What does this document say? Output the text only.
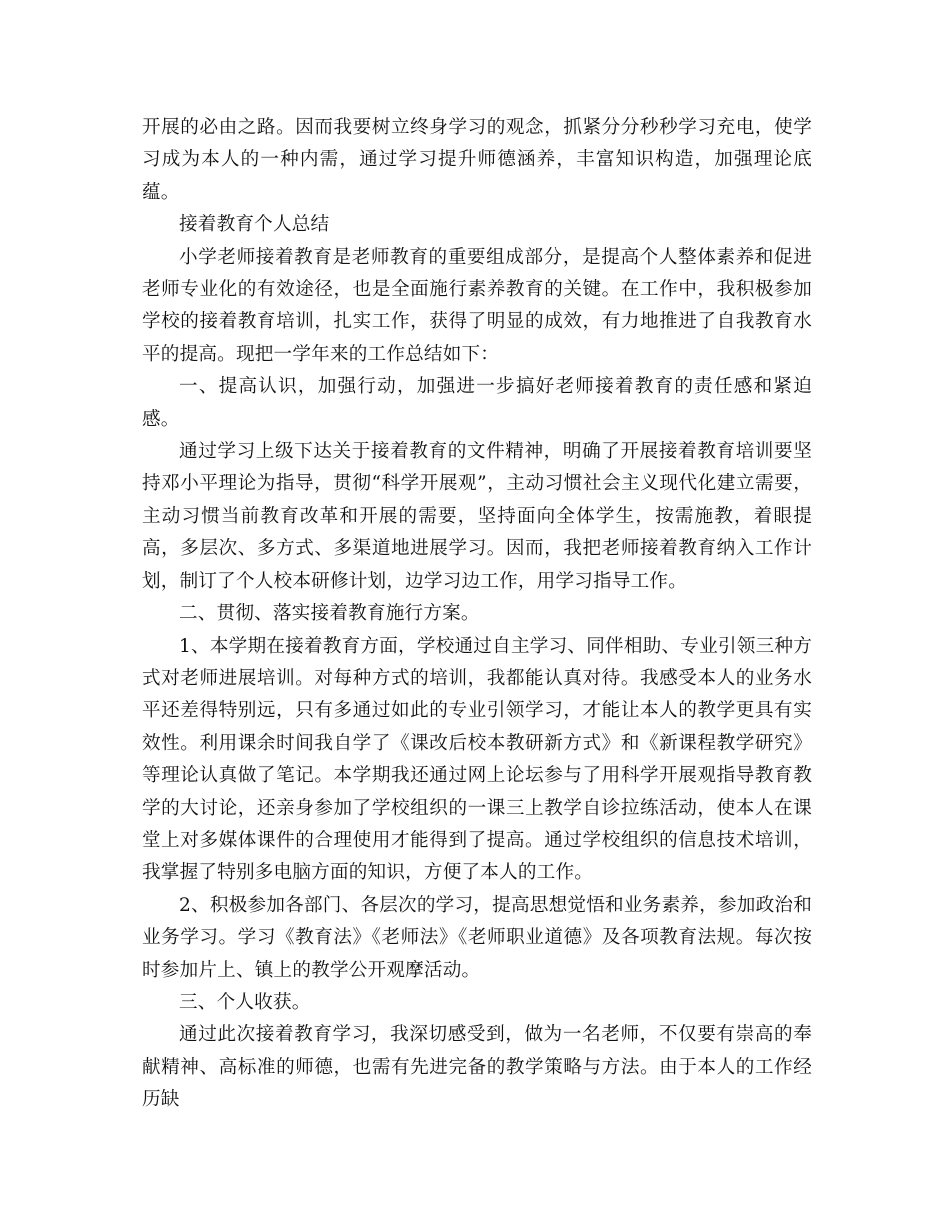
开展的必由之路。因而我要树立终身学习的观念，抓紧分分秒秒学习充电，使学习成为本人的一种内需，通过学习提升师德涵养，丰富知识构造，加强理论底蕴。

接着教育个人总结

小学老师接着教育是老师教育的重要组成部分，是提高个人整体素养和促进老师专业化的有效途径，也是全面施行素养教育的关键。在工作中，我积极参加学校的接着教育培训，扎实工作，获得了明显的成效，有力地推进了自我教育水平的提高。现把一学年来的工作总结如下：

一、提高认识，加强行动，加强进一步搞好老师接着教育的责任感和紧迫感。

通过学习上级下达关于接着教育的文件精神，明确了开展接着教育培训要坚持邓小平理论为指导，贯彻“科学开展观”，主动习惯社会主义现代化建立需要，主动习惯当前教育改革和开展的需要，坚持面向全体学生，按需施教，着眼提高，多层次、多方式、多渠道地进展学习。因而，我把老师接着教育纳入工作计划，制订了个人校本研修计划，边学习边工作，用学习指导工作。

二、贯彻、落实接着教育施行方案。

1、本学期在接着教育方面，学校通过自主学习、同伴相助、专业引领三种方式对老师进展培训。对每种方式的培训，我都能认真对待。我感受本人的业务水平还差得特别远，只有多通过如此的专业引领学习，才能让本人的教学更具有实效性。利用课余时间我自学了《课改后校本教研新方式》和《新课程教学研究》等理论认真做了笔记。本学期我还通过网上论坛参与了用科学开展观指导教育教学的大讨论，还亲身参加了学校组织的一课三上教学自诊拉练活动，使本人在课堂上对多媒体课件的合理使用才能得到了提高。通过学校组织的信息技术培训，我掌握了特别多电脑方面的知识，方便了本人的工作。

2、积极参加各部门、各层次的学习，提高思想觉悟和业务素养，参加政治和业务学习。学习《教育法》《老师法》《老师职业道德》及各项教育法规。每次按时参加片上、镇上的教学公开观摩活动。

三、个人收获。

通过此次接着教育学习，我深切感受到，做为一名老师，不仅要有崇高的奉献精神、高标准的师德，也需有先进完备的教学策略与方法。由于本人的工作经历缺
